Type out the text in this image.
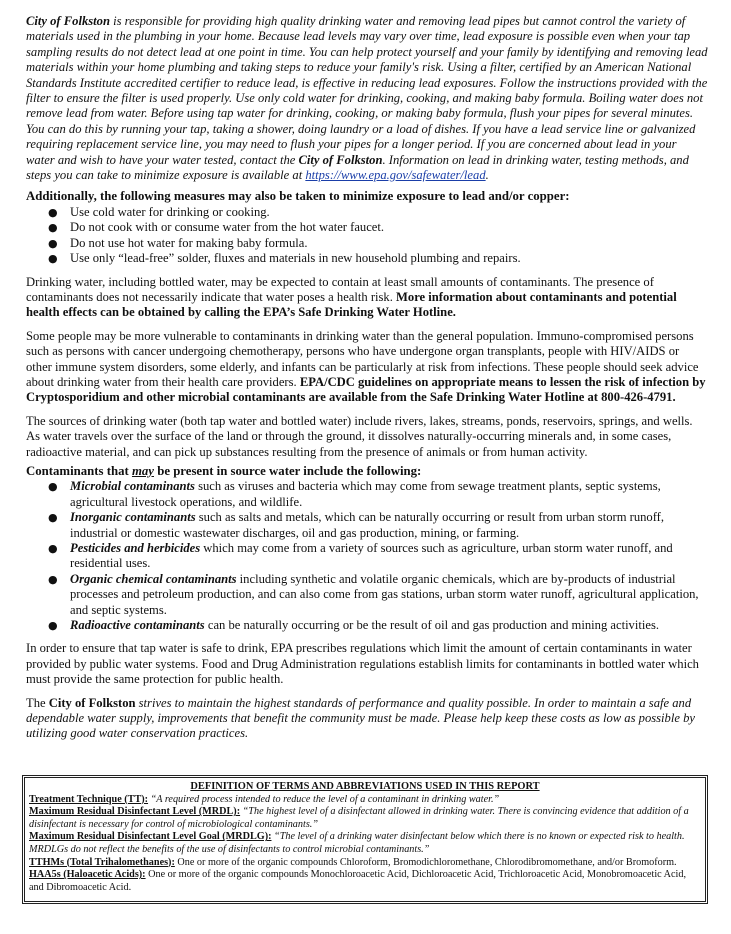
City of Folkston is responsible for providing high quality drinking water and removing lead pipes but cannot control the variety of materials used in the plumbing in your home. Because lead levels may vary over time, lead exposure is possible even when your tap sampling results do not detect lead at one point in time. You can help protect yourself and your family by identifying and removing lead materials within your home plumbing and taking steps to reduce your family's risk. Using a filter, certified by an American National Standards Institute accredited certifier to reduce lead, is effective in reducing lead exposures. Follow the instructions provided with the filter to ensure the filter is used properly. Use only cold water for drinking, cooking, and making baby formula. Boiling water does not remove lead from water. Before using tap water for drinking, cooking, or making baby formula, flush your pipes for several minutes. You can do this by running your tap, taking a shower, doing laundry or a load of dishes. If you have a lead service line or galvanized requiring replacement service line, you may need to flush your pipes for a longer period. If you are concerned about lead in your water and wish to have your water tested, contact the City of Folkston. Information on lead in drinking water, testing methods, and steps you can take to minimize exposure is available at https://www.epa.gov/safewater/lead.

Additionally, the following measures may also be taken to minimize exposure to lead and/or copper:

● Use cold water for drinking or cooking.
● Do not cook with or consume water from the hot water faucet.
● Do not use hot water for making baby formula.
● Use only “lead-free” solder, fluxes and materials in new household plumbing and repairs.

Drinking water, including bottled water, may be expected to contain at least small amounts of contaminants. The presence of contaminants does not necessarily indicate that water poses a health risk. More information about contaminants and potential health effects can be obtained by calling the EPA’s Safe Drinking Water Hotline.

Some people may be more vulnerable to contaminants in drinking water than the general population. Immuno-compromised persons such as persons with cancer undergoing chemotherapy, persons who have undergone organ transplants, people with HIV/AIDS or other immune system disorders, some elderly, and infants can be particularly at risk from infections. These people should seek advice about drinking water from their health care providers. EPA/CDC guidelines on appropriate means to lessen the risk of infection by Cryptosporidium and other microbial contaminants are available from the Safe Drinking Water Hotline at 800-426-4791.

The sources of drinking water (both tap water and bottled water) include rivers, lakes, streams, ponds, reservoirs, springs, and wells. As water travels over the surface of the land or through the ground, it dissolves naturally-occurring minerals and, in some cases, radioactive material, and can pick up substances resulting from the presence of animals or from human activity.

Contaminants that may be present in source water include the following:

● Microbial contaminants such as viruses and bacteria which may come from sewage treatment plants, septic systems, agricultural livestock operations, and wildlife.
● Inorganic contaminants such as salts and metals, which can be naturally occurring or result from urban storm runoff, industrial or domestic wastewater discharges, oil and gas production, mining, or farming.
● Pesticides and herbicides which may come from a variety of sources such as agriculture, urban storm water runoff, and residential uses.
● Organic chemical contaminants including synthetic and volatile organic chemicals, which are by-products of industrial processes and petroleum production, and can also come from gas stations, urban storm water runoff, agricultural application, and septic systems.
● Radioactive contaminants can be naturally occurring or be the result of oil and gas production and mining activities.

In order to ensure that tap water is safe to drink, EPA prescribes regulations which limit the amount of certain contaminants in water provided by public water systems. Food and Drug Administration regulations establish limits for contaminants in bottled water which must provide the same protection for public health.

The City of Folkston strives to maintain the highest standards of performance and quality possible. In order to maintain a safe and dependable water supply, improvements that benefit the community must be made. Please help keep these costs as low as possible by utilizing good water conservation practices.

DEFINITION OF TERMS AND ABBREVIATIONS USED IN THIS REPORT
Treatment Technique (TT): “A required process intended to reduce the level of a contaminant in drinking water.”
Maximum Residual Disinfectant Level (MRDL): “The highest level of a disinfectant allowed in drinking water. There is convincing evidence that addition of a disinfectant is necessary for control of microbiological contaminants.”
Maximum Residual Disinfectant Level Goal (MRDLG): “The level of a drinking water disinfectant below which there is no known or expected risk to health. MRDLGs do not reflect the benefits of the use of disinfectants to control microbial contaminants.”
TTHMs (Total Trihalomethanes): One or more of the organic compounds Chloroform, Bromodichloromethane, Chlorodibromomethane, and/or Bromoform.
HAA5s (Haloacetic Acids): One or more of the organic compounds Monochloroacetic Acid, Dichloroacetic Acid, Trichloroacetic Acid, Monobromoacetic Acid, and Dibromoacetic Acid.
